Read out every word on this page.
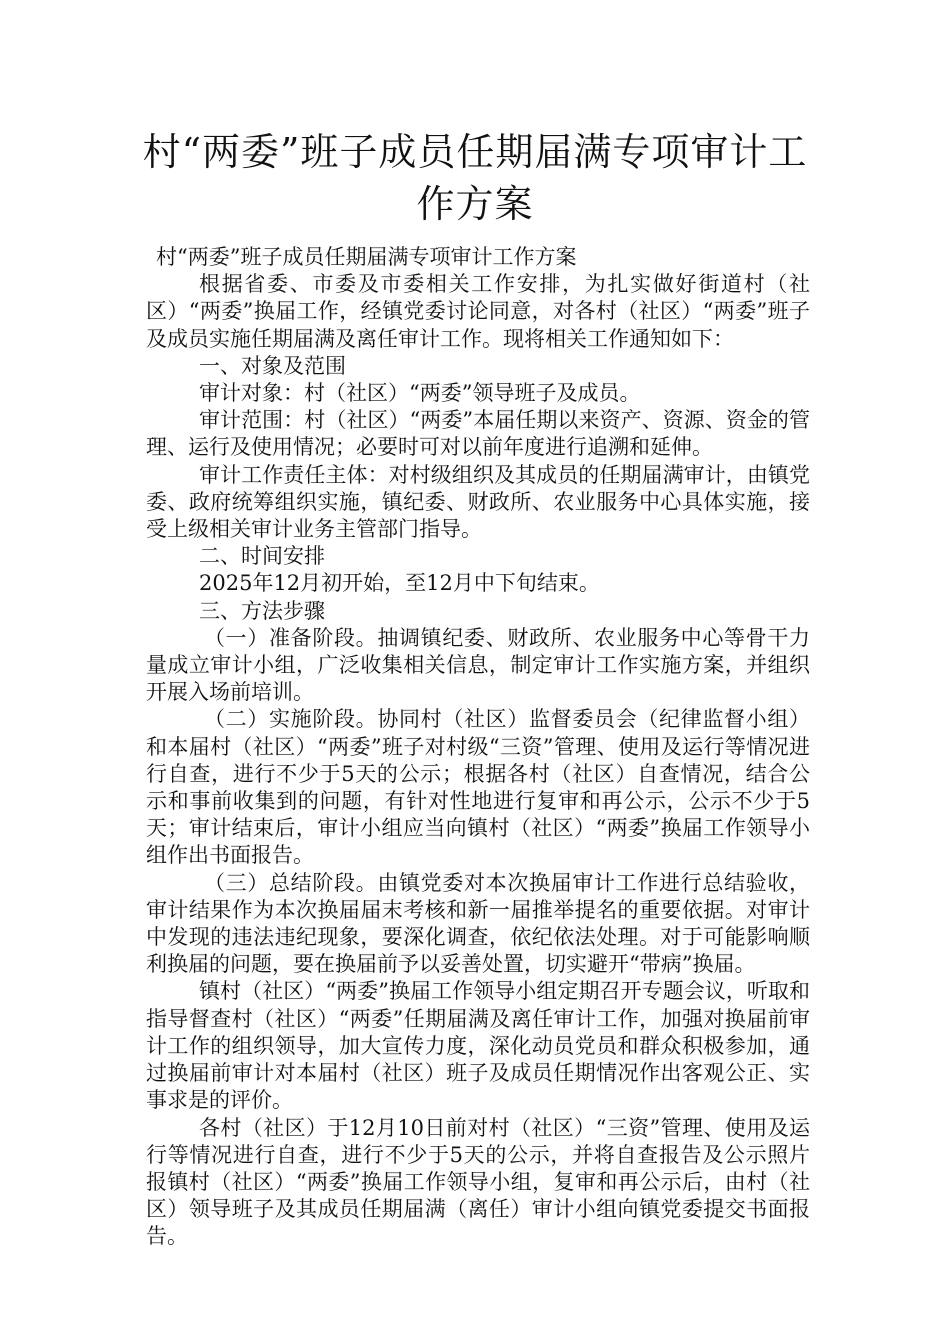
村“两委”班子成员任期届满专项审计工
作方案

村“两委”班子成员任期届满专项审计工作方案

根据省委、市委及市委相关工作安排，为扎实做好街道村（社区）“两委”换届工作，经镇党委讨论同意，对各村（社区）“两委”班子及成员实施任期届满及离任审计工作。现将相关工作通知如下：

一、对象及范围

审计对象：村（社区）“两委”领导班子及成员。

审计范围：村（社区）“两委”本届任期以来资产、资源、资金的管理、运行及使用情况；必要时可对以前年度进行追溯和延伸。

审计工作责任主体：对村级组织及其成员的任期届满审计，由镇党委、政府统筹组织实施，镇纪委、财政所、农业服务中心具体实施，接受上级相关审计业务主管部门指导。

二、时间安排

2025年12月初开始，至12月中下旬结束。

三、方法步骤

（一）准备阶段。抽调镇纪委、财政所、农业服务中心等骨干力量成立审计小组，广泛收集相关信息，制定审计工作实施方案，并组织开展入场前培训。

（二）实施阶段。协同村（社区）监督委员会（纪律监督小组）和本届村（社区）“两委”班子对村级“三资”管理、使用及运行等情况进行自查，进行不少于5天的公示；根据各村（社区）自查情况，结合公示和事前收集到的问题，有针对性地进行复审和再公示，公示不少于5天；审计结束后，审计小组应当向镇村（社区）“两委”换届工作领导小组作出书面报告。

（三）总结阶段。由镇党委对本次换届审计工作进行总结验收，审计结果作为本次换届届末考核和新一届推举提名的重要依据。对审计中发现的违法违纪现象，要深化调查，依纪依法处理。对于可能影响顺利换届的问题，要在换届前予以妥善处置，切实避开“带病”换届。

镇村（社区）“两委”换届工作领导小组定期召开专题会议，听取和指导督查村（社区）“两委”任期届满及离任审计工作，加强对换届前审计工作的组织领导，加大宣传力度，深化动员党员和群众积极参加，通过换届前审计对本届村（社区）班子及成员任期情况作出客观公正、实事求是的评价。

各村（社区）于12月10日前对村（社区）“三资”管理、使用及运行等情况进行自查，进行不少于5天的公示，并将自查报告及公示照片报镇村（社区）“两委”换届工作领导小组，复审和再公示后，由村（社区）领导班子及其成员任期届满（离任）审计小组向镇党委提交书面报告。
